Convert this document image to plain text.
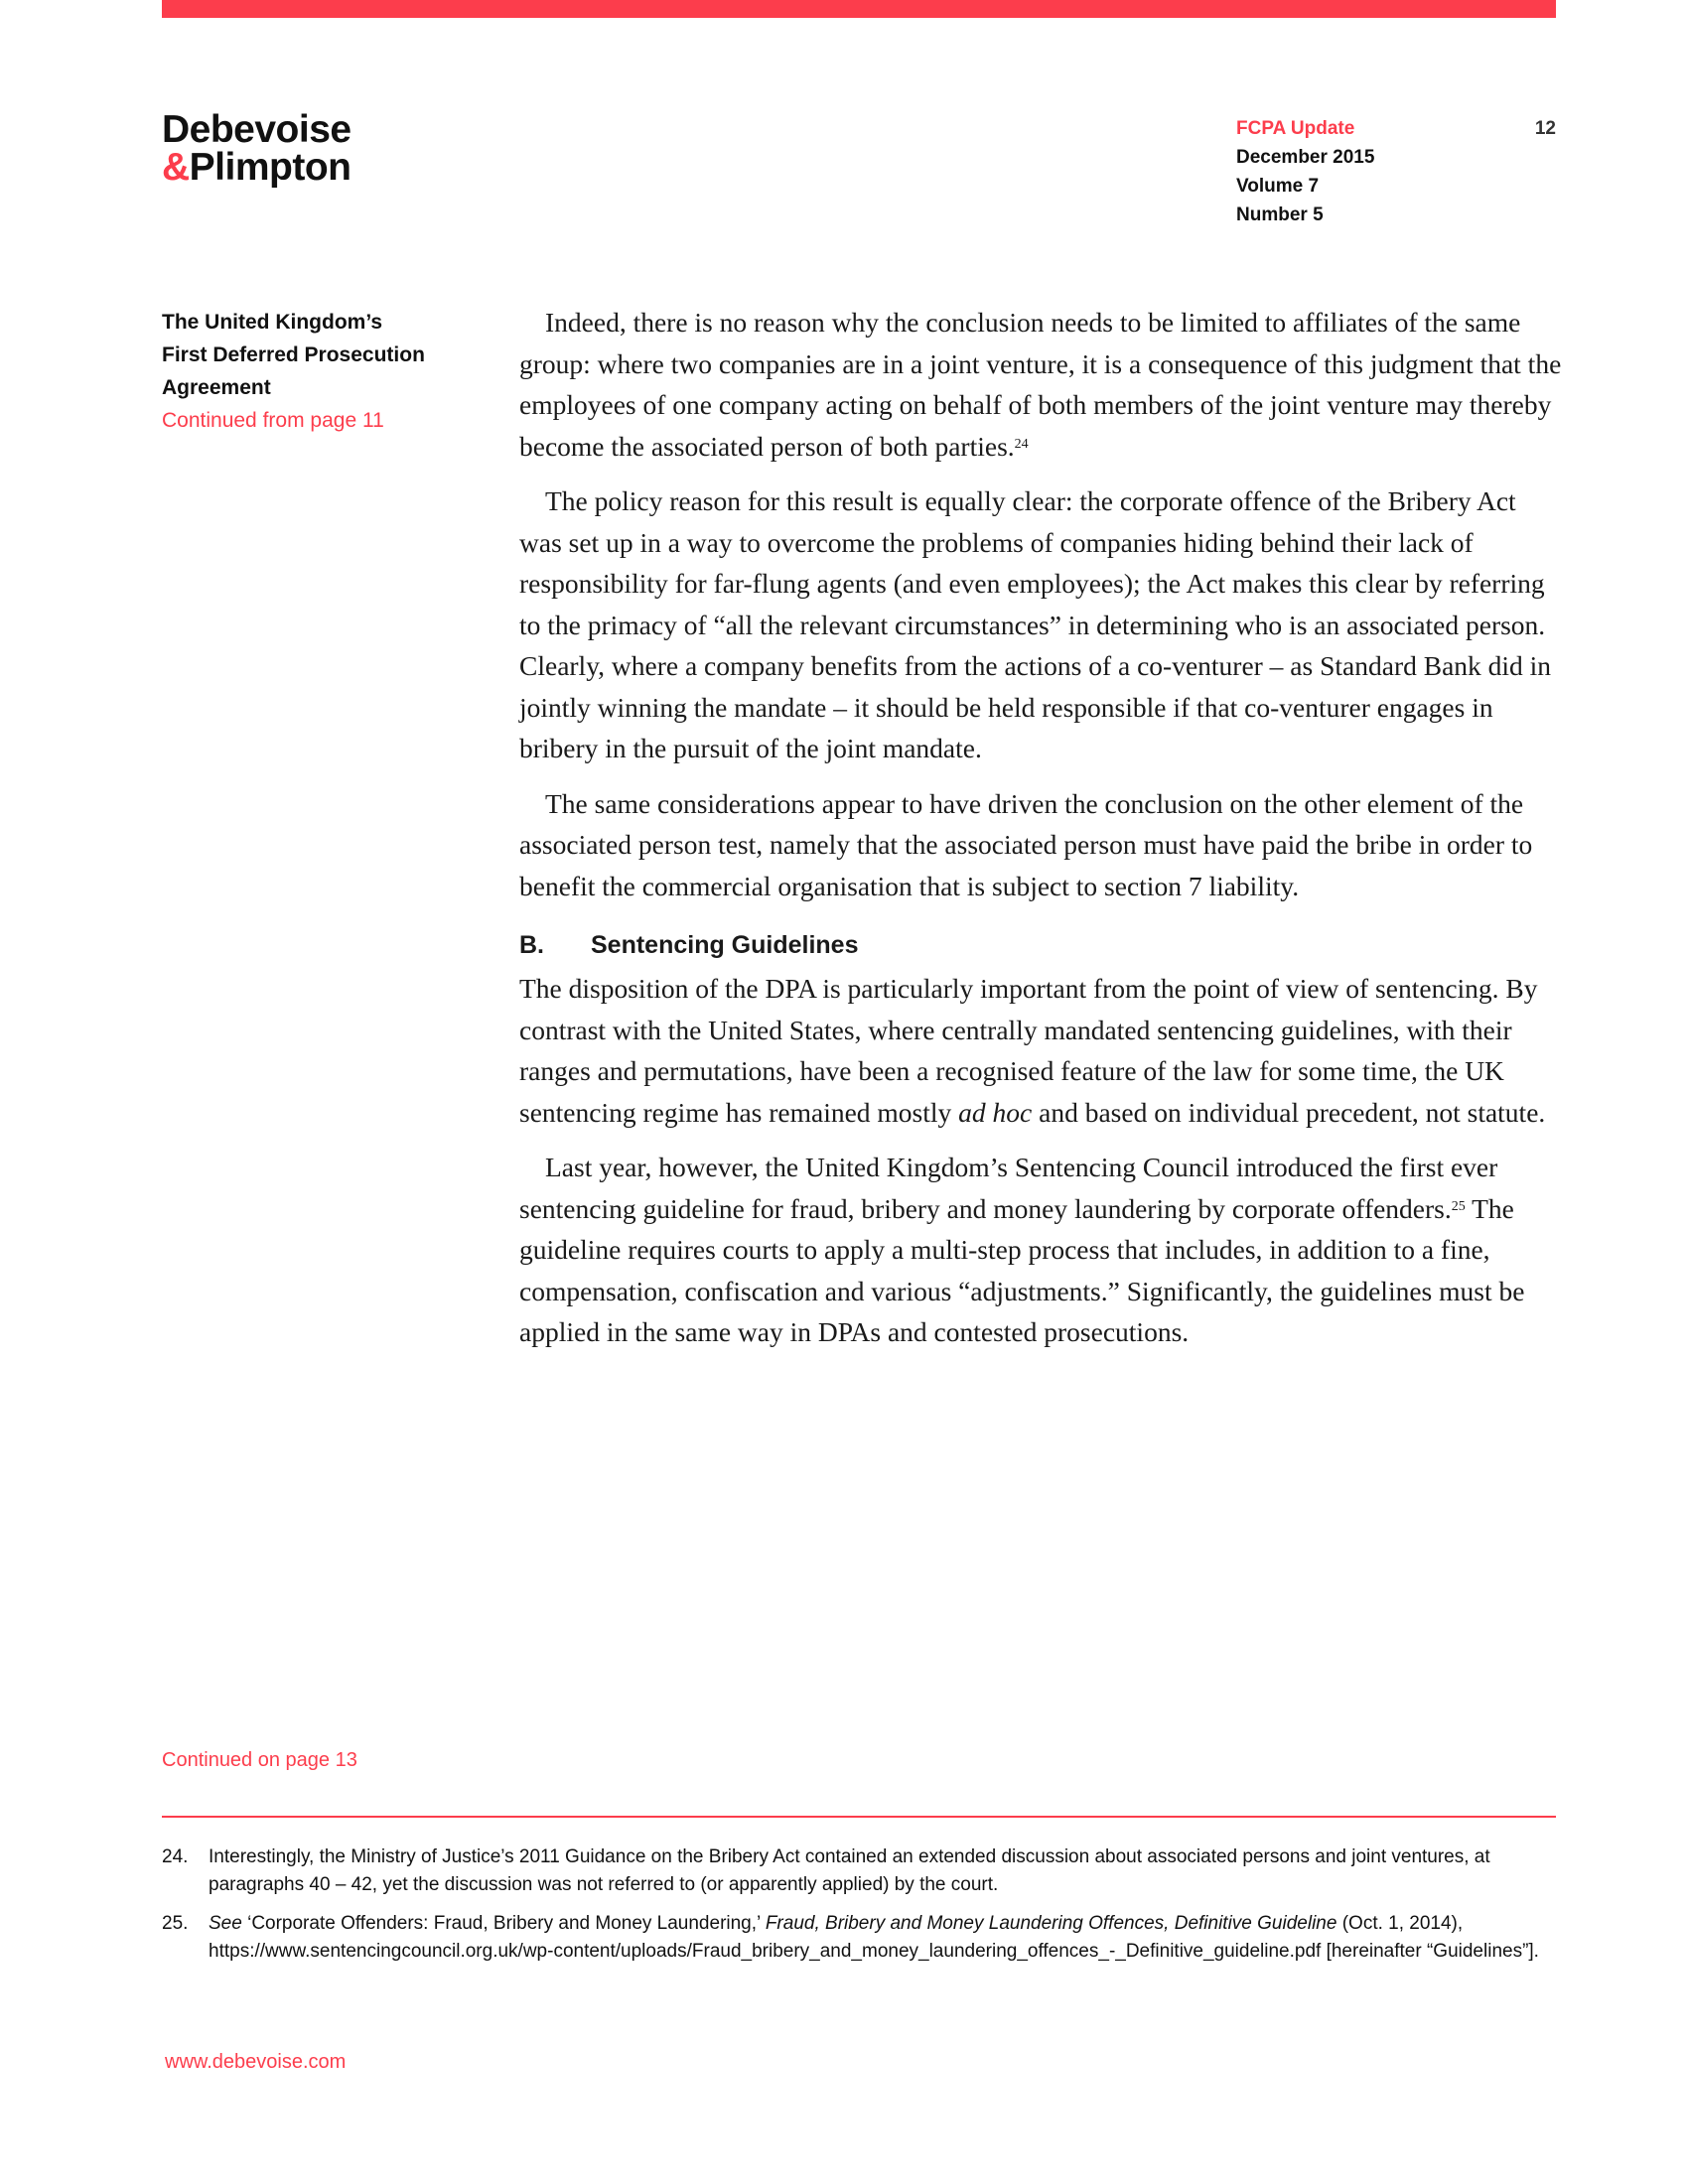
Debevoise
&Plimpton
FCPA Update
December 2015
Volume 7
Number 5
12
The United Kingdom’s
First Deferred Prosecution
Agreement
Continued from page 11

Indeed, there is no reason why the conclusion needs to be limited to affiliates of the same group: where two companies are in a joint venture, it is a consequence of this judgment that the employees of one company acting on behalf of both members of the joint venture may thereby become the associated person of both parties.$^{24}$

The policy reason for this result is equally clear: the corporate offence of the Bribery Act was set up in a way to overcome the problems of companies hiding behind their lack of responsibility for far-flung agents (and even employees); the Act makes this clear by referring to the primacy of “all the relevant circumstances” in determining who is an associated person. Clearly, where a company benefits from the actions of a co-venturer – as Standard Bank did in jointly winning the mandate – it should be held responsible if that co-venturer engages in bribery in the pursuit of the joint mandate.

The same considerations appear to have driven the conclusion on the other element of the associated person test, namely that the associated person must have paid the bribe in order to benefit the commercial organisation that is subject to section 7 liability.

B. Sentencing Guidelines

The disposition of the DPA is particularly important from the point of view of sentencing. By contrast with the United States, where centrally mandated sentencing guidelines, with their ranges and permutations, have been a recognised feature of the law for some time, the UK sentencing regime has remained mostly ad hoc and based on individual precedent, not statute.

Last year, however, the United Kingdom’s Sentencing Council introduced the first ever sentencing guideline for fraud, bribery and money laundering by corporate offenders.$^{25}$ The guideline requires courts to apply a multi-step process that includes, in addition to a fine, compensation, confiscation and various “adjustments.” Significantly, the guidelines must be applied in the same way in DPAs and contested prosecutions.

Continued on page 13
24.	Interestingly, the Ministry of Justice’s 2011 Guidance on the Bribery Act contained an extended discussion about associated persons and joint ventures, at paragraphs 40 – 42, yet the discussion was not referred to (or apparently applied) by the court.
25.	See ‘Corporate Offenders: Fraud, Bribery and Money Laundering,’ Fraud, Bribery and Money Laundering Offences, Definitive Guideline (Oct. 1, 2014), https://www.sentencingcouncil.org.uk/wp-content/uploads/Fraud_bribery_and_money_laundering_offences_-_Definitive_guideline.pdf [hereinafter “Guidelines”].
www.debevoise.com
